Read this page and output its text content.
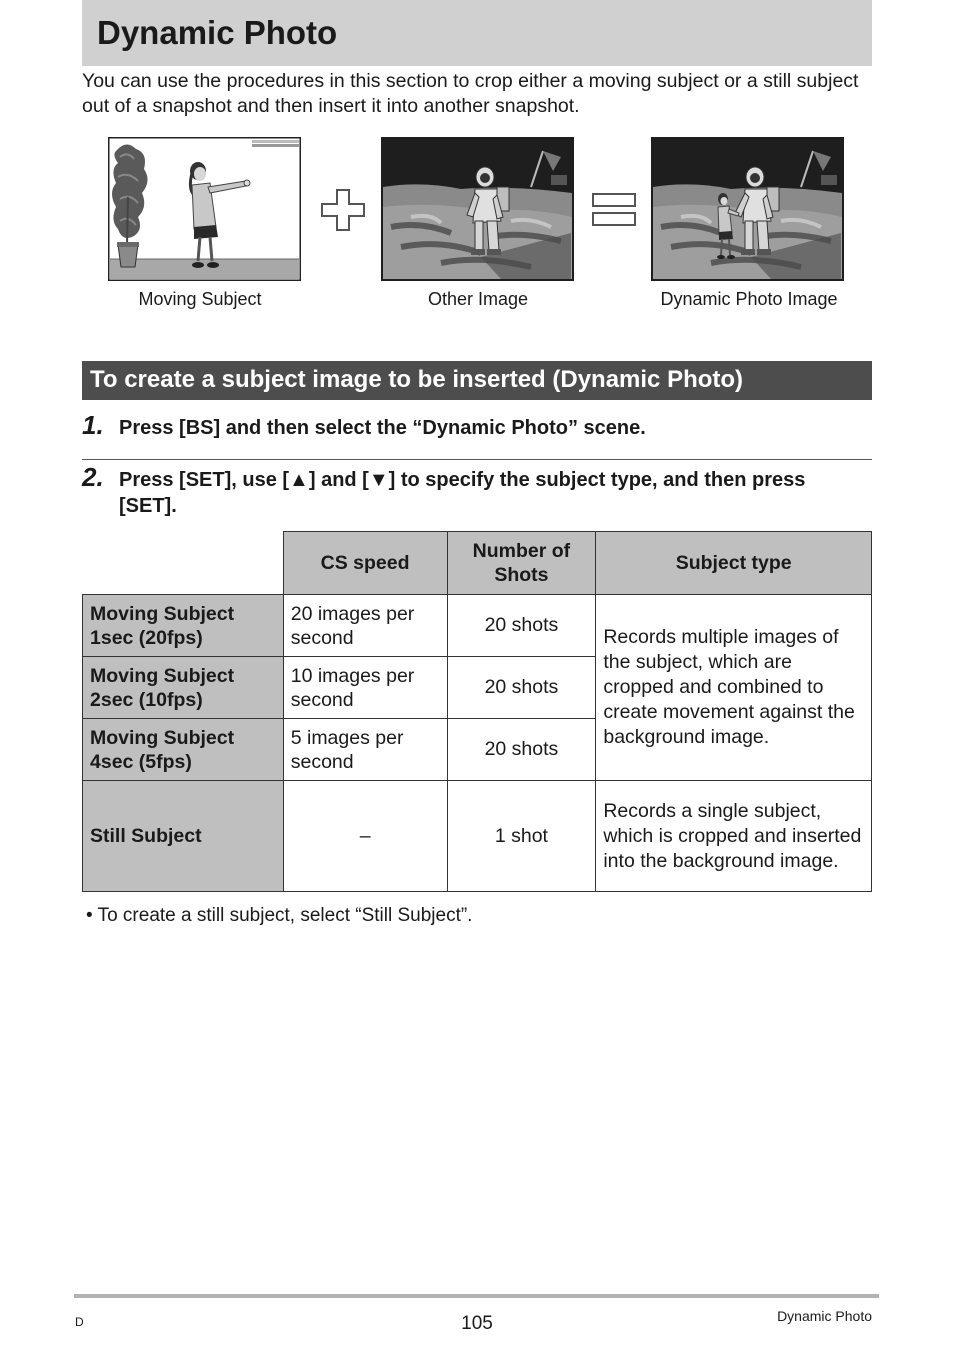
Dynamic Photo

You can use the procedures in this section to crop either a moving subject or a still subject out of a snapshot and then insert it into another snapshot.

Moving Subject	Other Image	Dynamic Photo Image
To create a subject image to be inserted (Dynamic Photo)
1. Press [BS] and then select the “Dynamic Photo” scene.
2. Press [SET], use [▲] and [▼] to specify the subject type, and then press [SET].
	CS speed	Number of Shots	Subject type
Moving Subject 1sec (20fps)	20 images per second	20 shots	Records multiple images of the subject, which are cropped and combined to create movement against the background image.
Moving Subject 2sec (10fps)	10 images per second	20 shots	
Moving Subject 4sec (5fps)	5 images per second	20 shots	
Still Subject	–	1 shot	Records a single subject, which is cropped and inserted into the background image.
• To create a still subject, select “Still Subject”.
D	105	Dynamic Photo
